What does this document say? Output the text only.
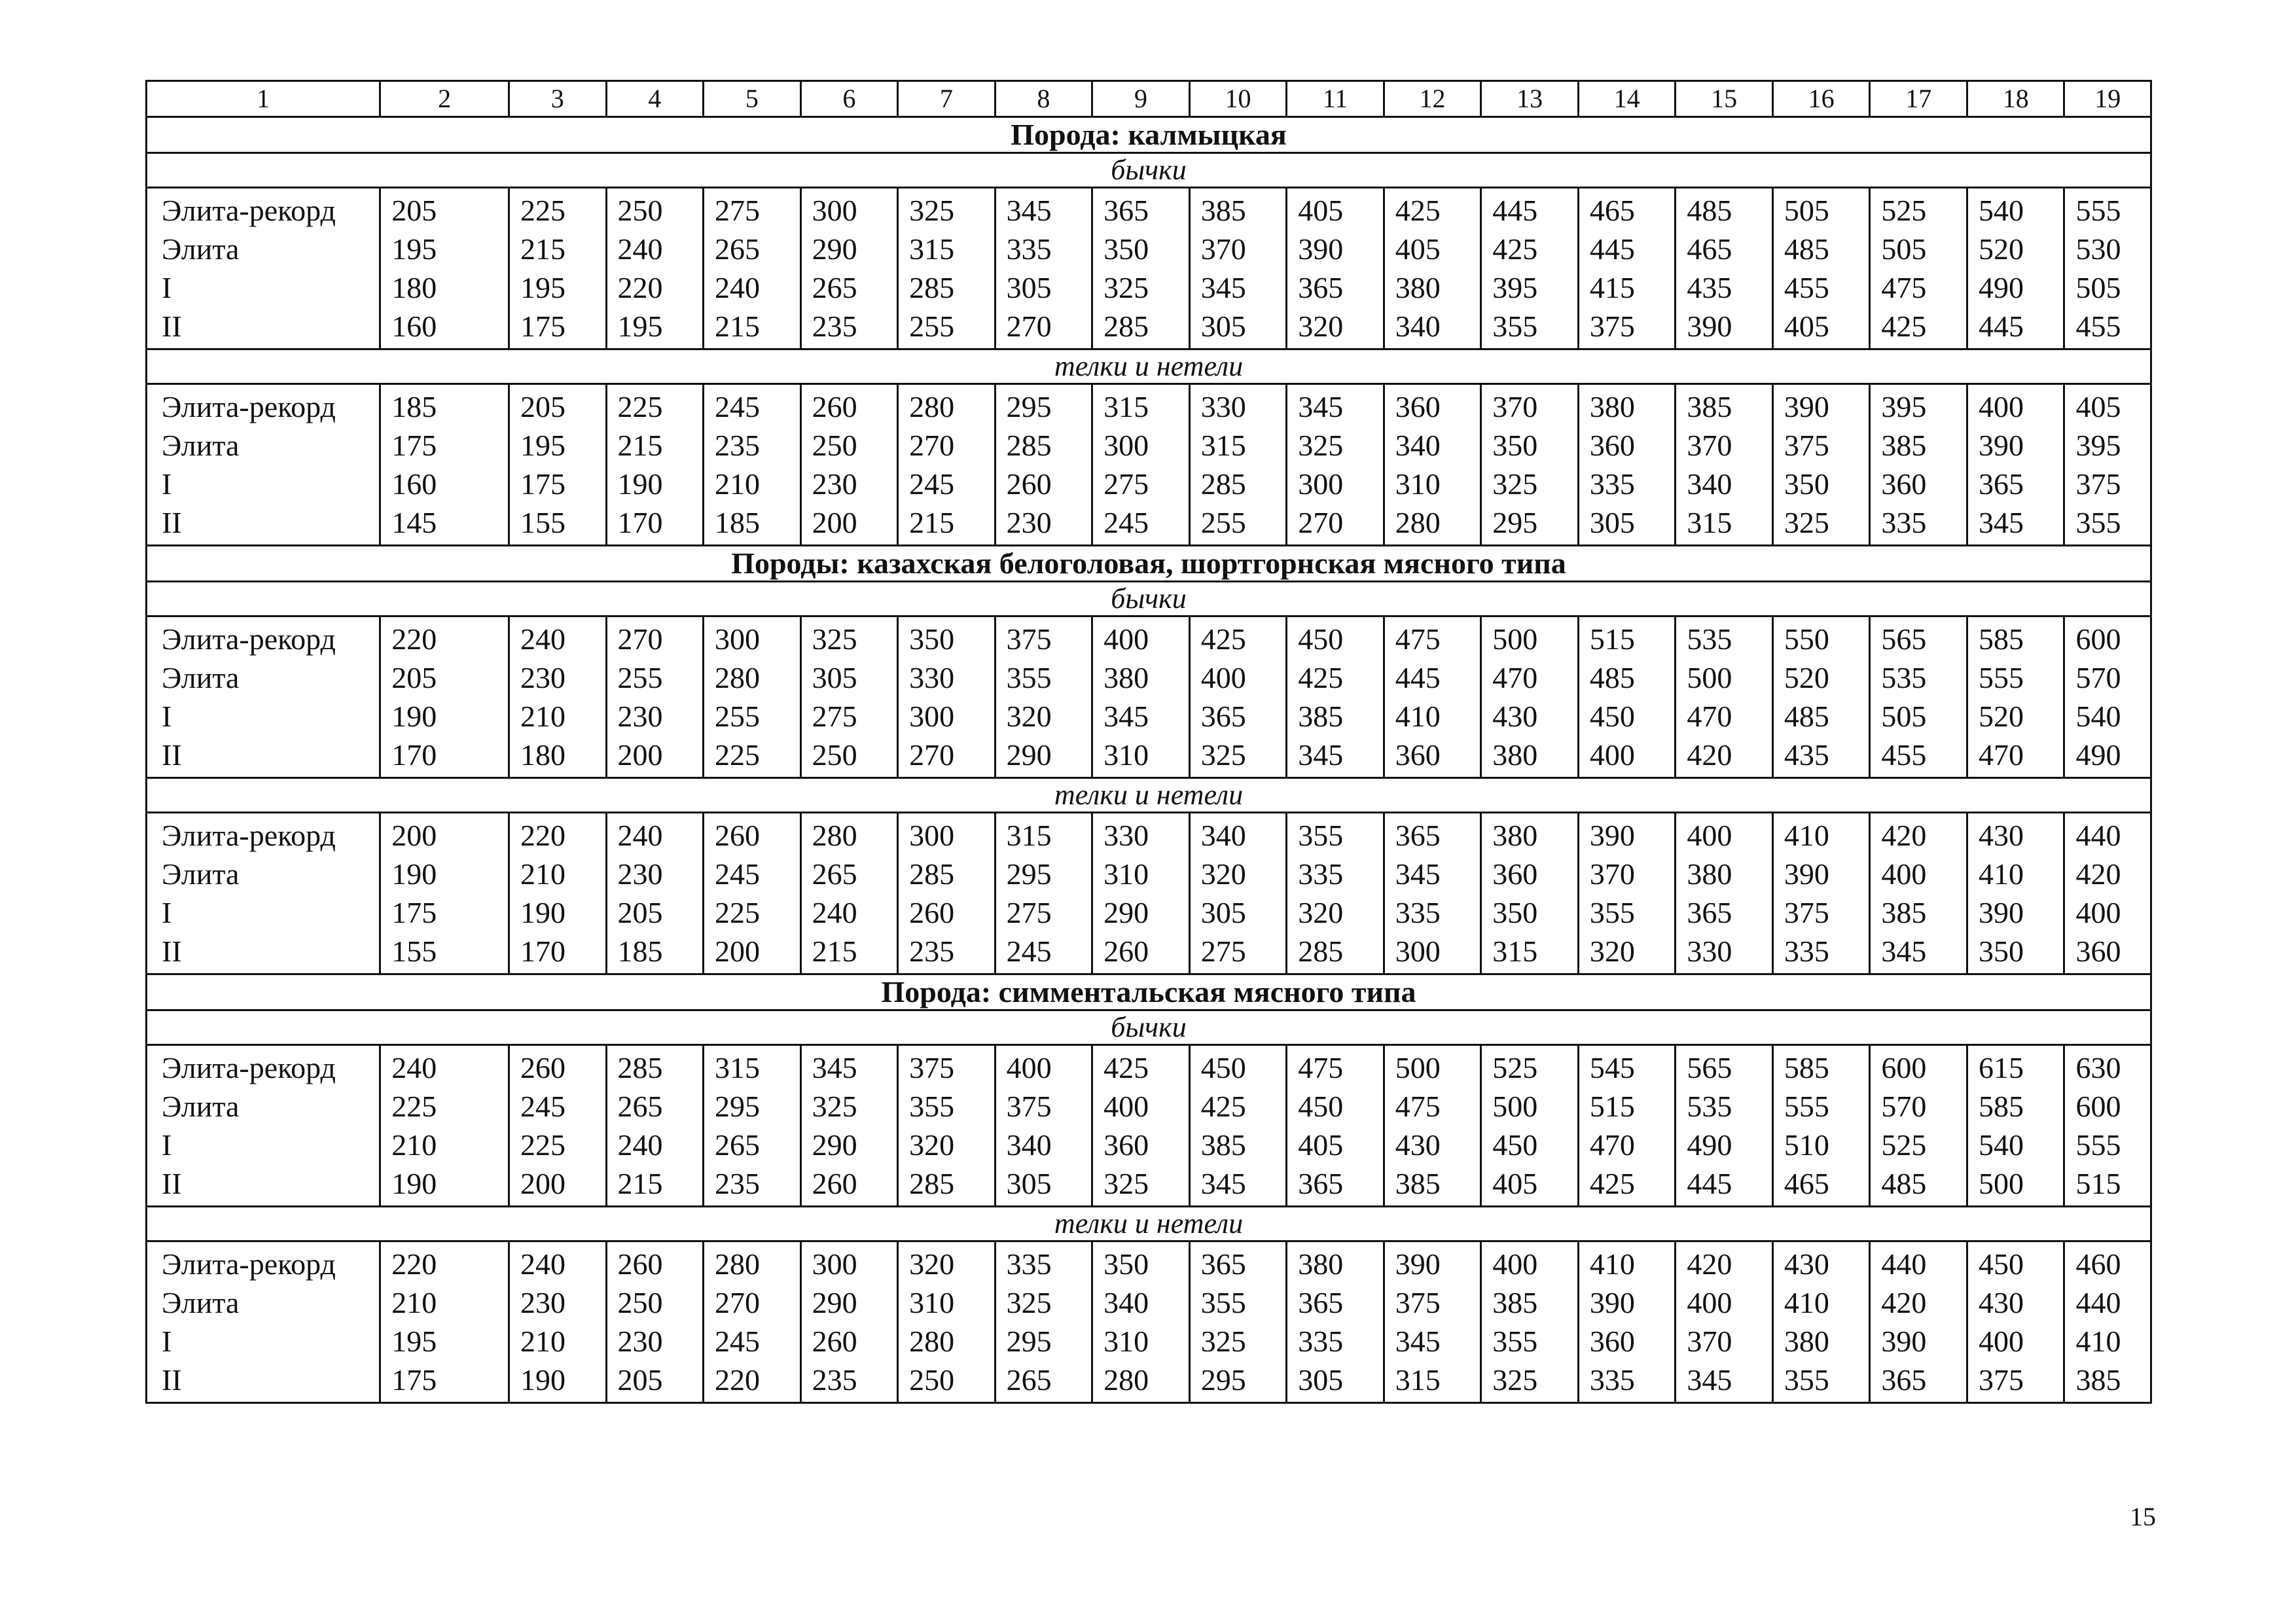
1	2	3	4	5	6	7	8	9	10	11	12	13	14	15	16	17	18	19
Порода: калмыцкая																		
бычки																		
Элита-рекорд	205	225	250	275	300	325	345	365	385	405	425	445	465	485	505	525	540	555
Элита	195	215	240	265	290	315	335	350	370	390	405	425	445	465	485	505	520	530
I	180	195	220	240	265	285	305	325	345	365	380	395	415	435	455	475	490	505
II	160	175	195	215	235	255	270	285	305	320	340	355	375	390	405	425	445	455
телки и нетели																		
Элита-рекорд	185	205	225	245	260	280	295	315	330	345	360	370	380	385	390	395	400	405
Элита	175	195	215	235	250	270	285	300	315	325	340	350	360	370	375	385	390	395
I	160	175	190	210	230	245	260	275	285	300	310	325	335	340	350	360	365	375
II	145	155	170	185	200	215	230	245	255	270	280	295	305	315	325	335	345	355
Породы: казахская белоголовая, шортгорнская мясного типа																		
бычки																		
Элита-рекорд	220	240	270	300	325	350	375	400	425	450	475	500	515	535	550	565	585	600
Элита	205	230	255	280	305	330	355	380	400	425	445	470	485	500	520	535	555	570
I	190	210	230	255	275	300	320	345	365	385	410	430	450	470	485	505	520	540
II	170	180	200	225	250	270	290	310	325	345	360	380	400	420	435	455	470	490
телки и нетели																		
Элита-рекорд	200	220	240	260	280	300	315	330	340	355	365	380	390	400	410	420	430	440
Элита	190	210	230	245	265	285	295	310	320	335	345	360	370	380	390	400	410	420
I	175	190	205	225	240	260	275	290	305	320	335	350	355	365	375	385	390	400
II	155	170	185	200	215	235	245	260	275	285	300	315	320	330	335	345	350	360
Порода: симментальская мясного типа																		
бычки																		
Элита-рекорд	240	260	285	315	345	375	400	425	450	475	500	525	545	565	585	600	615	630
Элита	225	245	265	295	325	355	375	400	425	450	475	500	515	535	555	570	585	600
I	210	225	240	265	290	320	340	360	385	405	430	450	470	490	510	525	540	555
II	190	200	215	235	260	285	305	325	345	365	385	405	425	445	465	485	500	515
телки и нетели																		
Элита-рекорд	220	240	260	280	300	320	335	350	365	380	390	400	410	420	430	440	450	460
Элита	210	230	250	270	290	310	325	340	355	365	375	385	390	400	410	420	430	440
I	195	210	230	245	260	280	295	310	325	335	345	355	360	370	380	390	400	410
II	175	190	205	220	235	250	265	280	295	305	315	325	335	345	355	365	375	385
15
